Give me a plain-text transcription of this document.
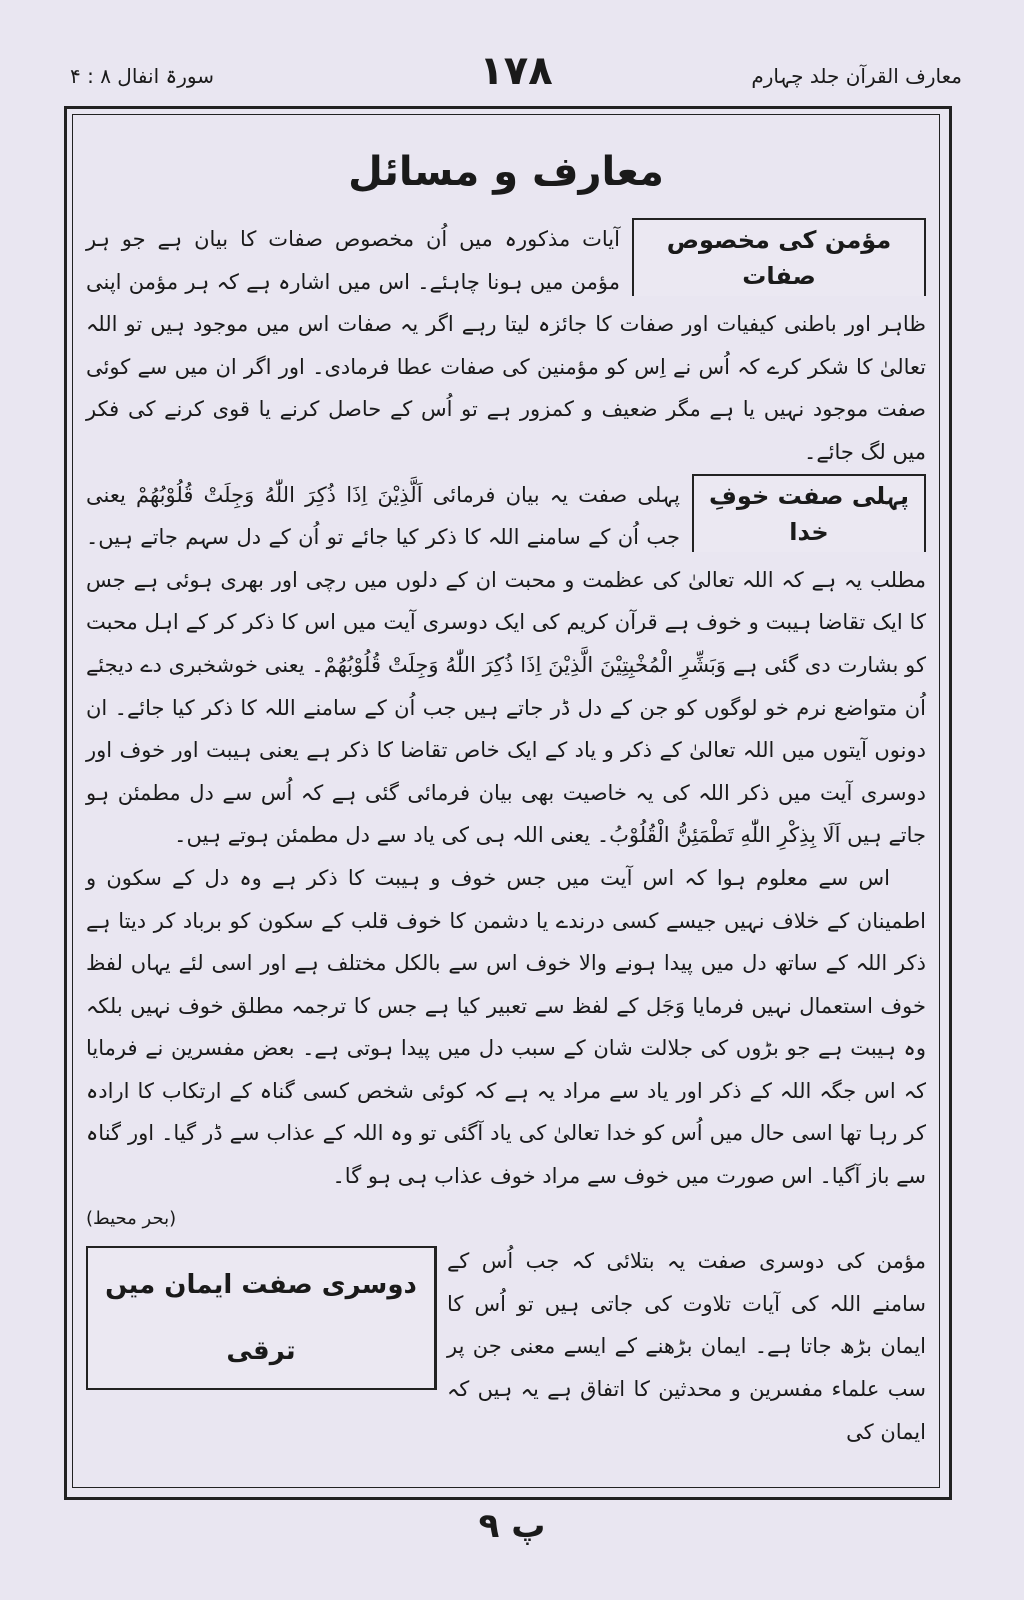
معارف القرآن جلد چہارم
۱۷۸
سورۃ انفال ۸ : ۴
معارف و مسائل

مؤمن کی مخصوص صفات
آیات مذکورہ میں اُن مخصوص صفات کا بیان ہے جو ہر مؤمن میں ہونا چاہئے۔ اس میں اشارہ ہے کہ ہر مؤمن اپنی ظاہر اور باطنی کیفیات اور صفات کا جائزہ لیتا رہے اگر یہ صفات اس میں موجود ہیں تو اللہ تعالیٰ کا شکر کرے کہ اُس نے اِس کو مؤمنین کی صفات عطا فرمادی۔ اور اگر ان میں سے کوئی صفت موجود نہیں یا ہے مگر ضعیف و کمزور ہے تو اُس کے حاصل کرنے یا قوی کرنے کی فکر میں لگ جائے۔

پہلی صفت خوفِ خدا
پہلی صفت یہ بیان فرمائی اَلَّذِيْنَ اِذَا ذُكِرَ اللّٰهُ وَجِلَتْ قُلُوْبُهُمْ یعنی جب اُن کے سامنے اللہ کا ذکر کیا جائے تو اُن کے دل سہم جاتے ہیں۔ مطلب یہ ہے کہ اللہ تعالیٰ کی عظمت و محبت ان کے دلوں میں رچی اور بھری ہوئی ہے جس کا ایک تقاضا ہیبت و خوف ہے قرآن کریم کی ایک دوسری آیت میں اس کا ذکر کر کے اہل محبت کو بشارت دی گئی ہے وَبَشِّرِ الْمُخْبِتِيْنَ الَّذِيْنَ اِذَا ذُكِرَ اللّٰهُ وَجِلَتْ قُلُوْبُهُمْ۔ یعنی خوشخبری دے دیجئے اُن متواضع نرم خو لوگوں کو جن کے دل ڈر جاتے ہیں جب اُن کے سامنے اللہ کا ذکر کیا جائے۔ ان دونوں آیتوں میں اللہ تعالیٰ کے ذکر و یاد کے ایک خاص تقاضا کا ذکر ہے یعنی ہیبت اور خوف اور دوسری آیت میں ذکر اللہ کی یہ خاصیت بھی بیان فرمائی گئی ہے کہ اُس سے دل مطمئن ہو جاتے ہیں اَلَا بِذِكْرِ اللّٰهِ تَطْمَئِنُّ الْقُلُوْبُ۔ یعنی اللہ ہی کی یاد سے دل مطمئن ہوتے ہیں۔

اس سے معلوم ہوا کہ اس آیت میں جس خوف و ہیبت کا ذکر ہے وہ دل کے سکون و اطمینان کے خلاف نہیں جیسے کسی درندے یا دشمن کا خوف قلب کے سکون کو برباد کر دیتا ہے ذکر اللہ کے ساتھ دل میں پیدا ہونے والا خوف اس سے بالکل مختلف ہے اور اسی لئے یہاں لفظ خوف استعمال نہیں فرمایا وَجَل کے لفظ سے تعبیر کیا ہے جس کا ترجمہ مطلق خوف نہیں بلکہ وہ ہیبت ہے جو بڑوں کی جلالت شان کے سبب دل میں پیدا ہوتی ہے۔ بعض مفسرین نے فرمایا کہ اس جگہ اللہ کے ذکر اور یاد سے مراد یہ ہے کہ کوئی شخص کسی گناہ کے ارتکاب کا ارادہ کر رہا تھا اسی حال میں اُس کو خدا تعالیٰ کی یاد آگئی تو وہ اللہ کے عذاب سے ڈر گیا۔ اور گناہ سے باز آگیا۔ اس صورت میں خوف سے مراد خوف عذاب ہی ہو گا۔
(بحر محیط)

دوسری صفت ایمان میں ترقی
مؤمن کی دوسری صفت یہ بتلائی کہ جب اُس کے سامنے اللہ کی آیات تلاوت کی جاتی ہیں تو اُس کا ایمان بڑھ جاتا ہے۔ ایمان بڑھنے کے ایسے معنی جن پر سب علماء مفسرین و محدثین کا اتفاق ہے یہ ہیں کہ ایمان کی

۹ پ
